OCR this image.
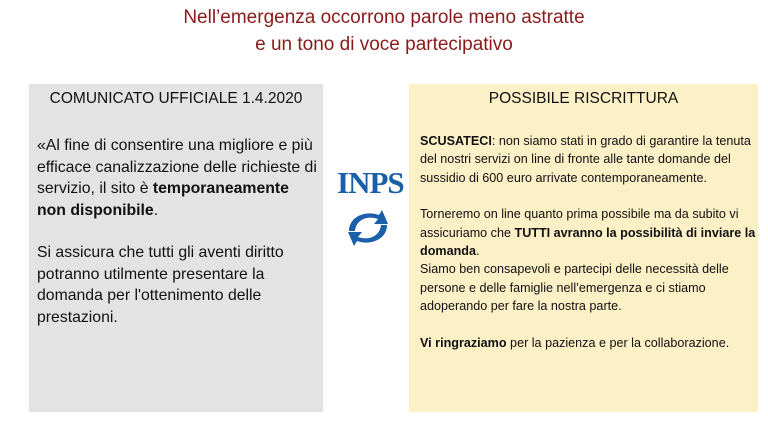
Nell’emergenza occorrono parole meno astratte
e un tono di voce partecipativo
COMUNICATO UFFICIALE 1.4.2020

«Al fine di consentire una migliore e più efficace canalizzazione delle richieste di servizio, il sito è temporaneamente non disponibile.

Si assicura che tutti gli aventi diritto potranno utilmente presentare la domanda per l'ottenimento delle prestazioni.

INPS
POSSIBILE RISCRITTURA

SCUSATECI: non siamo stati in grado di garantire la tenuta del nostri servizi on line di fronte alle tante domande del sussidio di 600 euro arrivate contemporaneamente.

Torneremo on line quanto prima possibile ma da subito vi assicuriamo che TUTTI avranno la possibilità di inviare la domanda.
Siamo ben consapevoli e partecipi delle necessità delle persone e delle famiglie nell’emergenza e ci stiamo adoperando per fare la nostra parte.

Vi ringraziamo per la pazienza e per la collaborazione.
